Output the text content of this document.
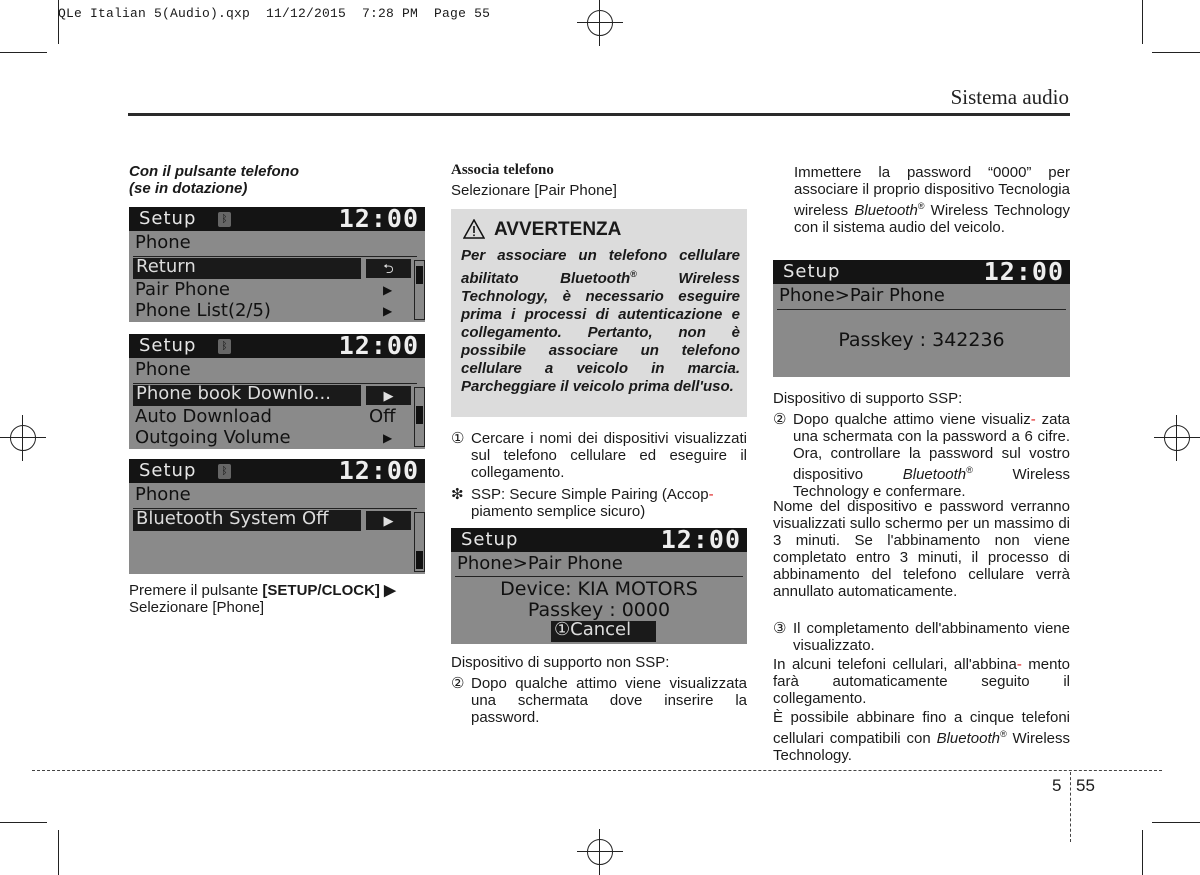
QLe Italian 5(Audio).qxp  11/12/2015  7:28 PM  Page 55
Sistema audio
Con il pulsante telefono
(se in dotazione)
Setup	ᛒ	12:00
Phone
Return	⮌
Pair Phone	▶
Phone List(2/5)	▶
Setup	ᛒ	12:00
Phone
Phone book Downlo...	▶
Auto Download	Off
Outgoing Volume	▶
Setup	ᛒ	12:00
Phone
Bluetooth System Off	▶
Premere il pulsante [SETUP/CLOCK] ▶
Selezionare [Phone]
Associa telefono
Selezionare [Pair Phone]
AVVERTENZA
Per associare un telefono cellulare abilitato Bluetooth® Wireless Technology, è necessario eseguire prima i processi di autenticazione e collegamento. Pertanto, non è possibile associare un telefono cellulare a veicolo in marcia. Parcheggiare il veicolo prima dell'uso.
① Cercare i nomi dei dispositivi visualizzati sul telefono cellulare ed eseguire il collegamento.
❇ SSP: Secure Simple Pairing (Accop-
piamento semplice sicuro)
Setup	12:00
Phone>Pair Phone
Device: KIA MOTORS
Passkey : 0000
①Cancel
Dispositivo di supporto non SSP:
② Dopo qualche attimo viene visualizzata una schermata dove inserire la password.
Immettere la password “0000” per associare il proprio dispositivo Tecnologia wireless Bluetooth® Wireless Technology con il sistema audio del veicolo.
Setup	12:00
Phone>Pair Phone
Passkey : 342236
Dispositivo di supporto SSP:
② Dopo qualche attimo viene visualiz- zata una schermata con la password a 6 cifre. Ora, controllare la password sul vostro dispositivo Bluetooth® Wireless Technology e confermare.
Nome del dispositivo e password verranno visualizzati sullo schermo per un massimo di 3 minuti. Se l'abbinamento non viene completato entro 3 minuti, il processo di abbinamento del telefono cellulare verrà annullato automaticamente.
③ Il completamento dell'abbinamento viene visualizzato.
In alcuni telefoni cellulari, all'abbina- mento farà automaticamente seguito il collegamento.
È possibile abbinare fino a cinque telefoni cellulari compatibili con Bluetooth® Wireless Technology.
5 55
